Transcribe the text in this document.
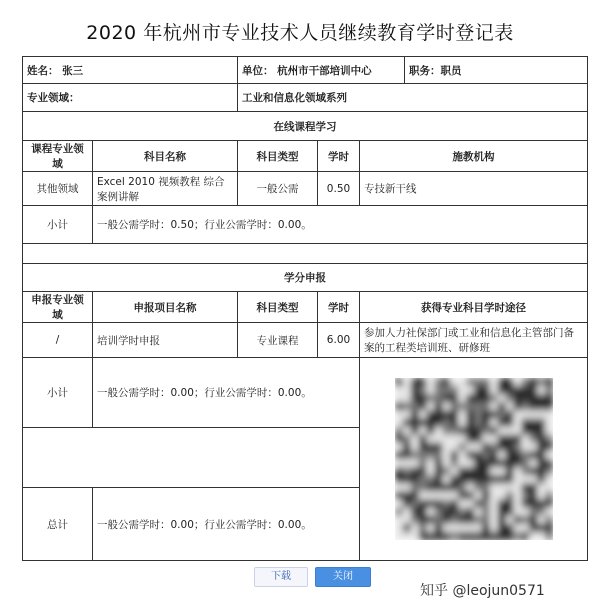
2020 年杭州市专业技术人员继续教育学时登记表
姓名： 张三		单位： 杭州市干部培训中心			职务：职员
专业领域：		工业和信息化领域系列			
在线课程学习					
课程专业领域	科目名称	科目类型	学时	施教机构	
其他领域	Excel 2010 视频教程 综合案例讲解	一般公需	0.50	专技新干线	
小计	一般公需学时：0.50；行业公需学时：0.00。				

学分申报					
申报专业领域	申报项目名称	科目类型	学时	获得专业科目学时途径	
/	培训学时申报	专业课程	6.00	参加人力社保部门或工业和信息化主管部门备案的工程类培训班、研修班	
小计	一般公需学时：0.00；行业公需学时：0.00。	

总计	一般公需学时：0.00；行业公需学时：0.00。				
下载	关闭
知乎 @leojun0571
